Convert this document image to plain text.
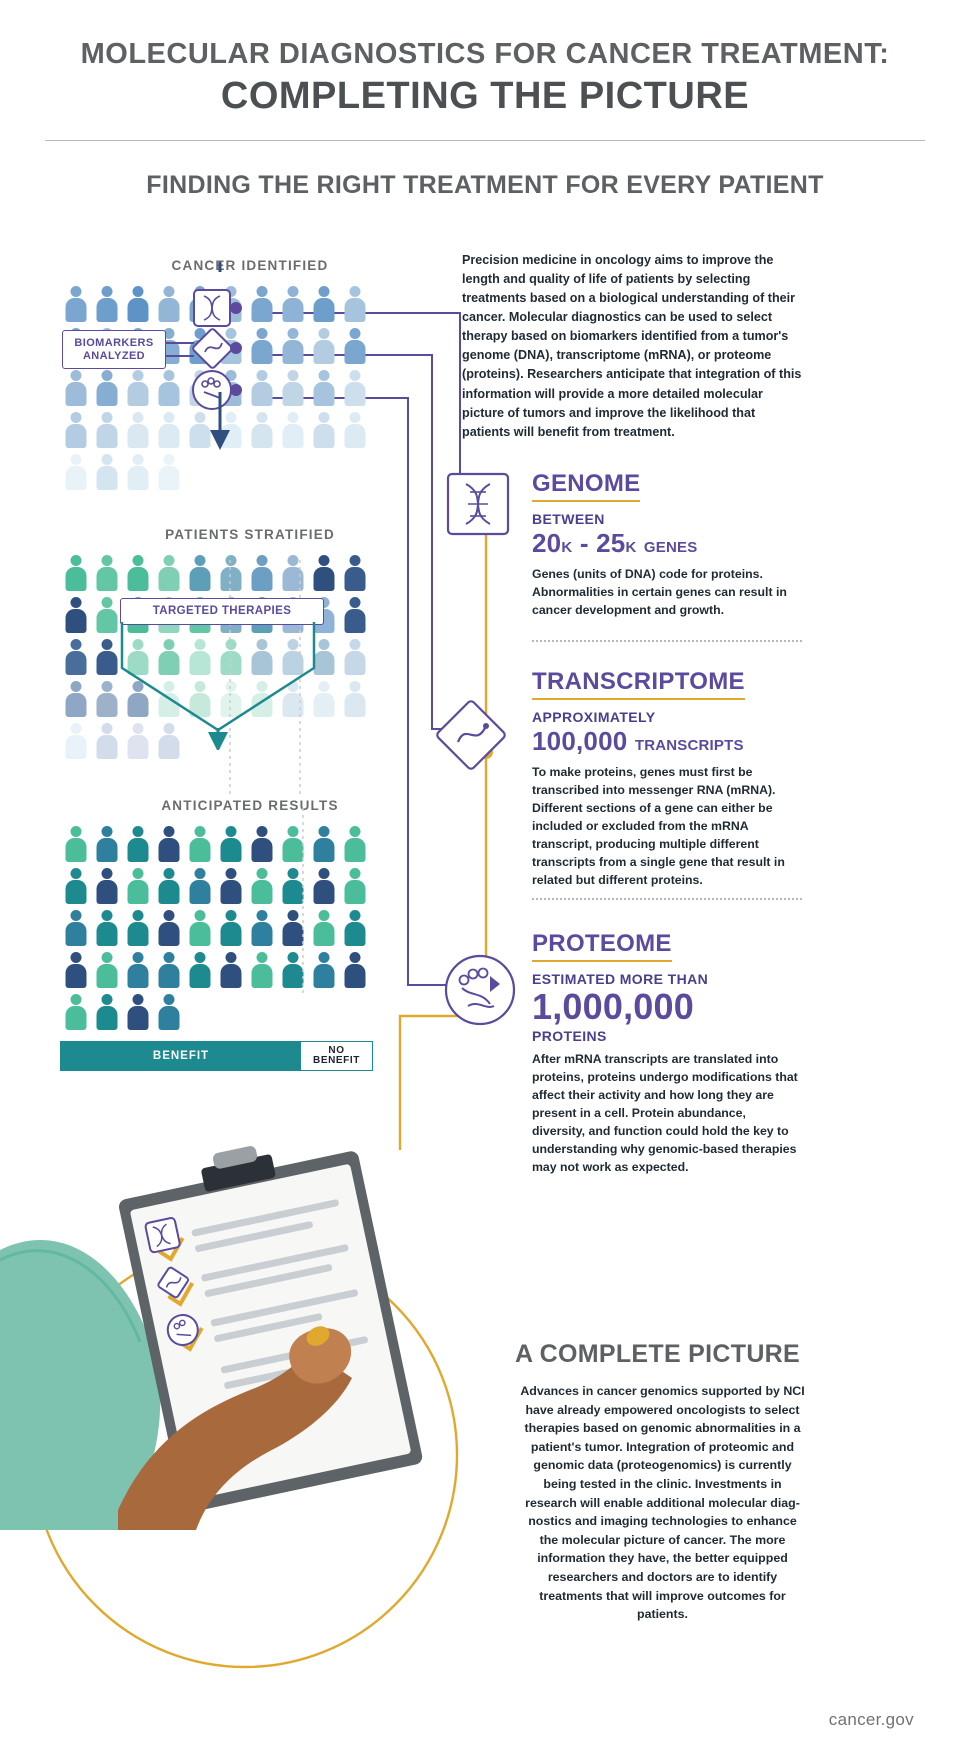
MOLECULAR DIAGNOSTICS FOR CANCER TREATMENT:
COMPLETING THE PICTURE
FINDING THE RIGHT TREATMENT FOR EVERY PATIENT
CANCER IDENTIFIED
PATIENTS STRATIFIED
ANTICIPATED RESULTS
BENEFIT	NO
BENEFIT
BIOMARKERS
ANALYZED
TARGETED THERAPIES

Precision medicine in oncology aims to improve the length and quality of life of patients by selecting treatments based on a biological understanding of their cancer. Molecular diagnostics can be used to select therapy based on biomarkers identified from a tumor's genome (DNA), transcriptome (mRNA), or proteome (proteins). Researchers anticipate that integration of this information will provide a more detailed molecular picture of tumors and improve the likelihood that patients will benefit from treatment.

GENOME
BETWEEN
20K - 25K GENES
Genes (units of DNA) code for proteins. Abnormalities in certain genes can result in cancer development and growth.
TRANSCRIPTOME
APPROXIMATELY
100,000 TRANSCRIPTS
To make proteins, genes must first be transcribed into messenger RNA (mRNA). Different sections of a gene can either be included or excluded from the mRNA transcript, producing multiple different transcripts from a single gene that result in related but different proteins.
PROTEOME
ESTIMATED MORE THAN
1,000,000
PROTEINS
After mRNA transcripts are translated into proteins, proteins undergo modifications that affect their activity and how long they are present in a cell. Protein abundance, diversity, and function could hold the key to understanding why genomic-based therapies may not work as expected.
A COMPLETE PICTURE
Advances in cancer genomics supported by NCI have already empowered oncologists to select therapies based on genomic abnormalities in a patient's tumor. Integration of proteomic and genomic data (proteogenomics) is currently being tested in the clinic. Investments in research will enable additional molecular diag-nostics and imaging technologies to enhance the molecular picture of cancer. The more information they have, the better equipped researchers and doctors are to identify treatments that will improve outcomes for patients.
cancer.gov
